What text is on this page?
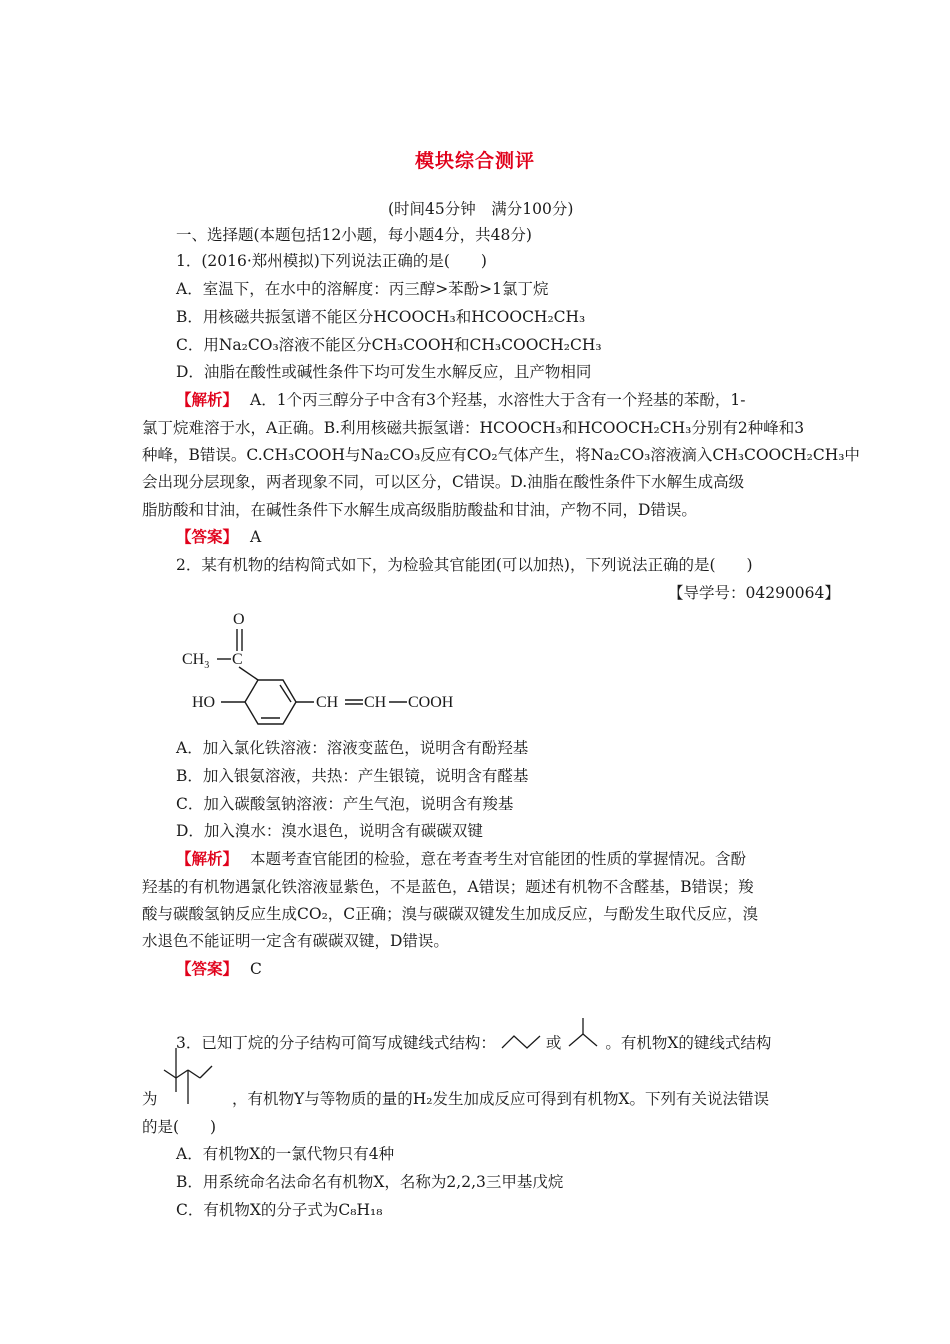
模块综合测评
(时间45分钟　满分100分)
一、选择题(本题包括12小题，每小题4分，共48分)
1．(2016·郑州模拟)下列说法正确的是(　　)
A．室温下，在水中的溶解度：丙三醇>苯酚>1氯丁烷
B．用核磁共振氢谱不能区分HCOOCH₃和HCOOCH₂CH₃
C．用Na₂CO₃溶液不能区分CH₃COOH和CH₃COOCH₂CH₃
D．油脂在酸性或碱性条件下均可发生水解反应，且产物相同
【解析】 A．1个丙三醇分子中含有3个羟基，水溶性大于含有一个羟基的苯酚，1-
氯丁烷难溶于水，A正确。B.利用核磁共振氢谱：HCOOCH₃和HCOOCH₂CH₃分别有2种峰和3
种峰，B错误。C.CH₃COOH与Na₂CO₃反应有CO₂气体产生，将Na₂CO₃溶液滴入CH₃COOCH₂CH₃中
会出现分层现象，两者现象不同，可以区分，C错误。D.油脂在酸性条件下水解生成高级
脂肪酸和甘油，在碱性条件下水解生成高级脂肪酸盐和甘油，产物不同，D错误。
【答案】 A
2．某有机物的结构简式如下，为检验其官能团(可以加热)，下列说法正确的是(　　)
【导学号：04290064】
O
$CH_3$ C
HO	CH CH COOH
A．加入氯化铁溶液：溶液变蓝色，说明含有酚羟基
B．加入银氨溶液，共热：产生银镜，说明含有醛基
C．加入碳酸氢钠溶液：产生气泡，说明含有羧基
D．加入溴水：溴水退色，说明含有碳碳双键
【解析】 本题考查官能团的检验，意在考查考生对官能团的性质的掌握情况。含酚
羟基的有机物遇氯化铁溶液显紫色，不是蓝色，A错误；题述有机物不含醛基，B错误；羧
酸与碳酸氢钠反应生成CO₂，C正确；溴与碳碳双键发生加成反应，与酚发生取代反应，溴
水退色不能证明一定含有碳碳双键，D错误。
【答案】 C
3．已知丁烷的分子结构可简写成键线式结构：	或	。有机物X的键线式结构
为	，有机物Y与等物质的量的H₂发生加成反应可得到有机物X。下列有关说法错误
的是(　　)
A．有机物X的一氯代物只有4种
B．用系统命名法命名有机物X，名称为2,2,3三甲基戊烷
C．有机物X的分子式为C₈H₁₈
